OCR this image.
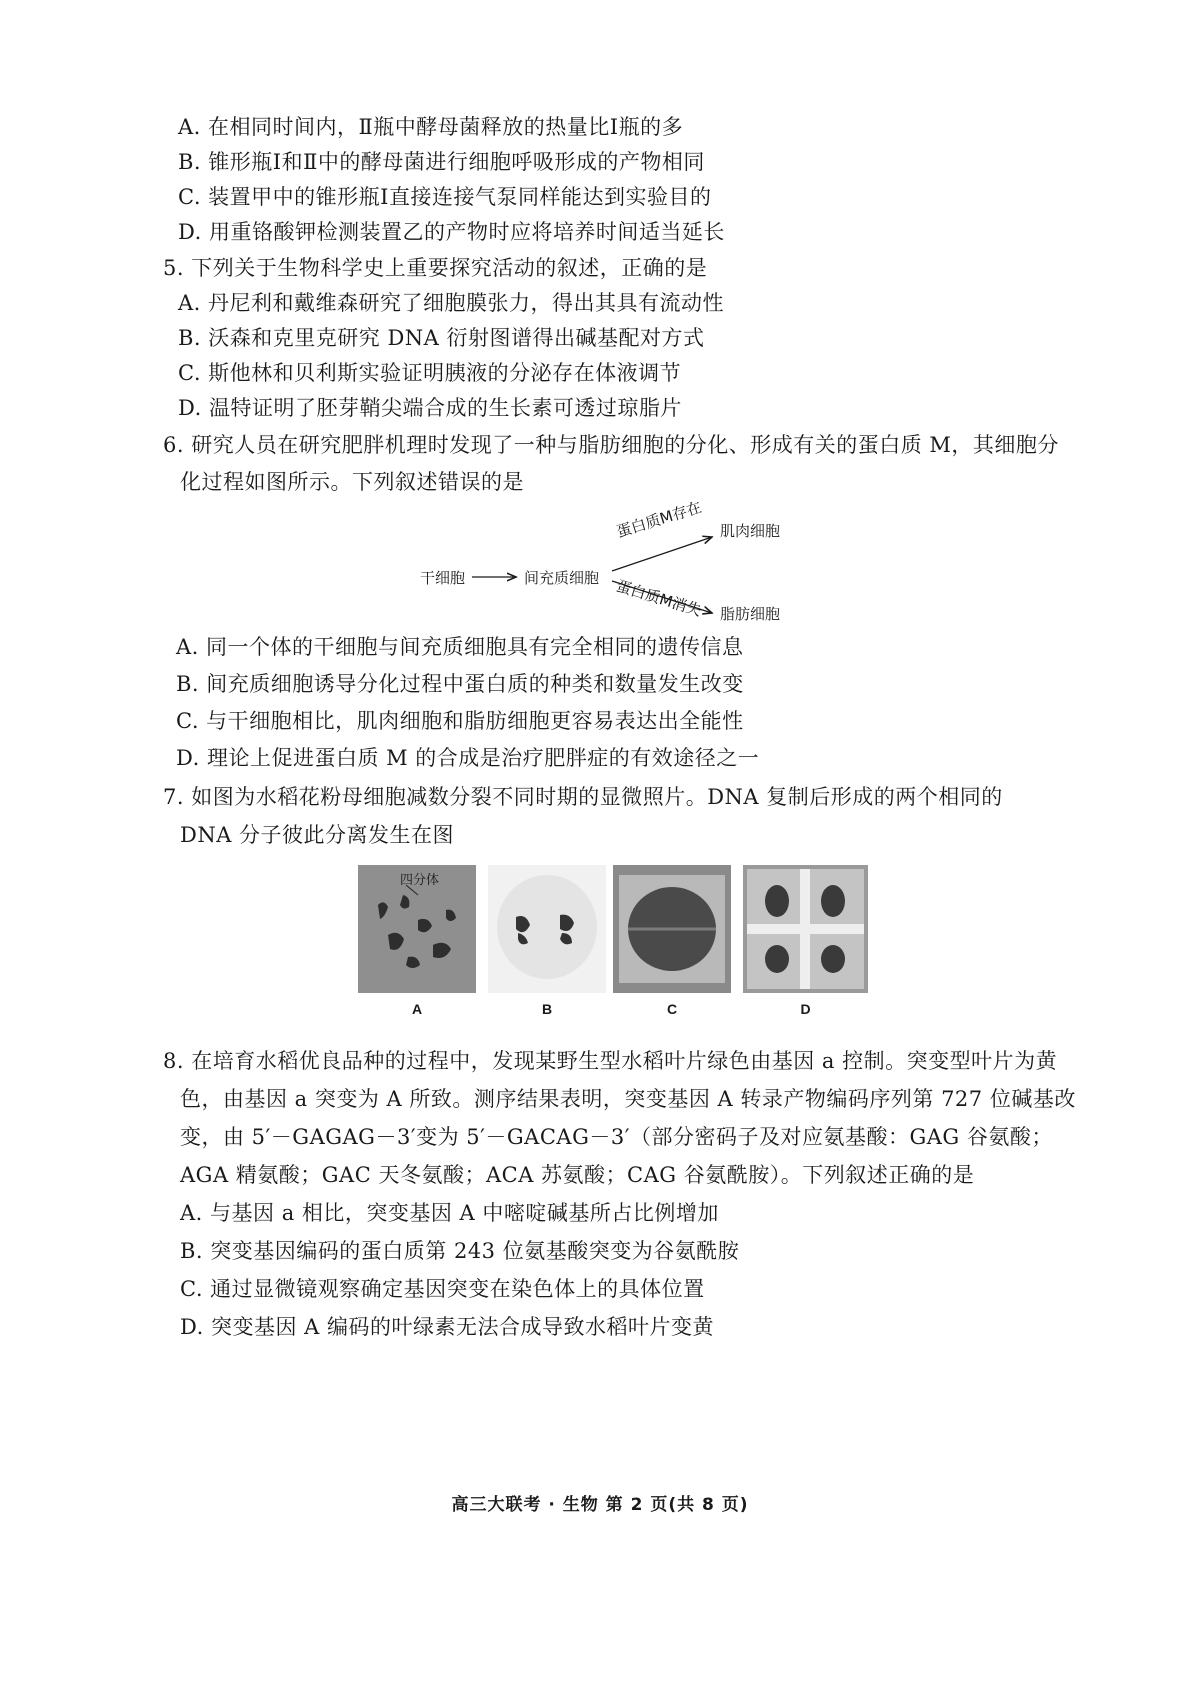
A. 在相同时间内，Ⅱ瓶中酵母菌释放的热量比Ⅰ瓶的多
B. 锥形瓶Ⅰ和Ⅱ中的酵母菌进行细胞呼吸形成的产物相同
C. 装置甲中的锥形瓶Ⅰ直接连接气泵同样能达到实验目的
D. 用重铬酸钾检测装置乙的产物时应将培养时间适当延长
5. 下列关于生物科学史上重要探究活动的叙述，正确的是
A. 丹尼利和戴维森研究了细胞膜张力，得出其具有流动性
B. 沃森和克里克研究 DNA 衍射图谱得出碱基配对方式
C. 斯他林和贝利斯实验证明胰液的分泌存在体液调节
D. 温特证明了胚芽鞘尖端合成的生长素可透过琼脂片
6. 研究人员在研究肥胖机理时发现了一种与脂肪细胞的分化、形成有关的蛋白质 M，其细胞分
化过程如图所示。下列叙述错误的是
干细胞	间充质细胞
蛋白质M存在 肌肉细胞
蛋白质M消失 脂肪细胞
A. 同一个体的干细胞与间充质细胞具有完全相同的遗传信息
B. 间充质细胞诱导分化过程中蛋白质的种类和数量发生改变
C. 与干细胞相比，肌肉细胞和脂肪细胞更容易表达出全能性
D. 理论上促进蛋白质 M 的合成是治疗肥胖症的有效途径之一
7. 如图为水稻花粉母细胞减数分裂不同时期的显微照片。DNA 复制后形成的两个相同的
DNA 分子彼此分离发生在图
四分体
A	B	C	D
8. 在培育水稻优良品种的过程中，发现某野生型水稻叶片绿色由基因 a 控制。突变型叶片为黄
色，由基因 a 突变为 A 所致。测序结果表明，突变基因 A 转录产物编码序列第 727 位碱基改
变，由 5′－GAGAG－3′变为 5′－GACAG－3′（部分密码子及对应氨基酸：GAG 谷氨酸；
AGA 精氨酸；GAC 天冬氨酸；ACA 苏氨酸；CAG 谷氨酰胺）。下列叙述正确的是
A. 与基因 a 相比，突变基因 A 中嘧啶碱基所占比例增加
B. 突变基因编码的蛋白质第 243 位氨基酸突变为谷氨酰胺
C. 通过显微镜观察确定基因突变在染色体上的具体位置
D. 突变基因 A 编码的叶绿素无法合成导致水稻叶片变黄
高三大联考 · 生物 第 2 页(共 8 页)
